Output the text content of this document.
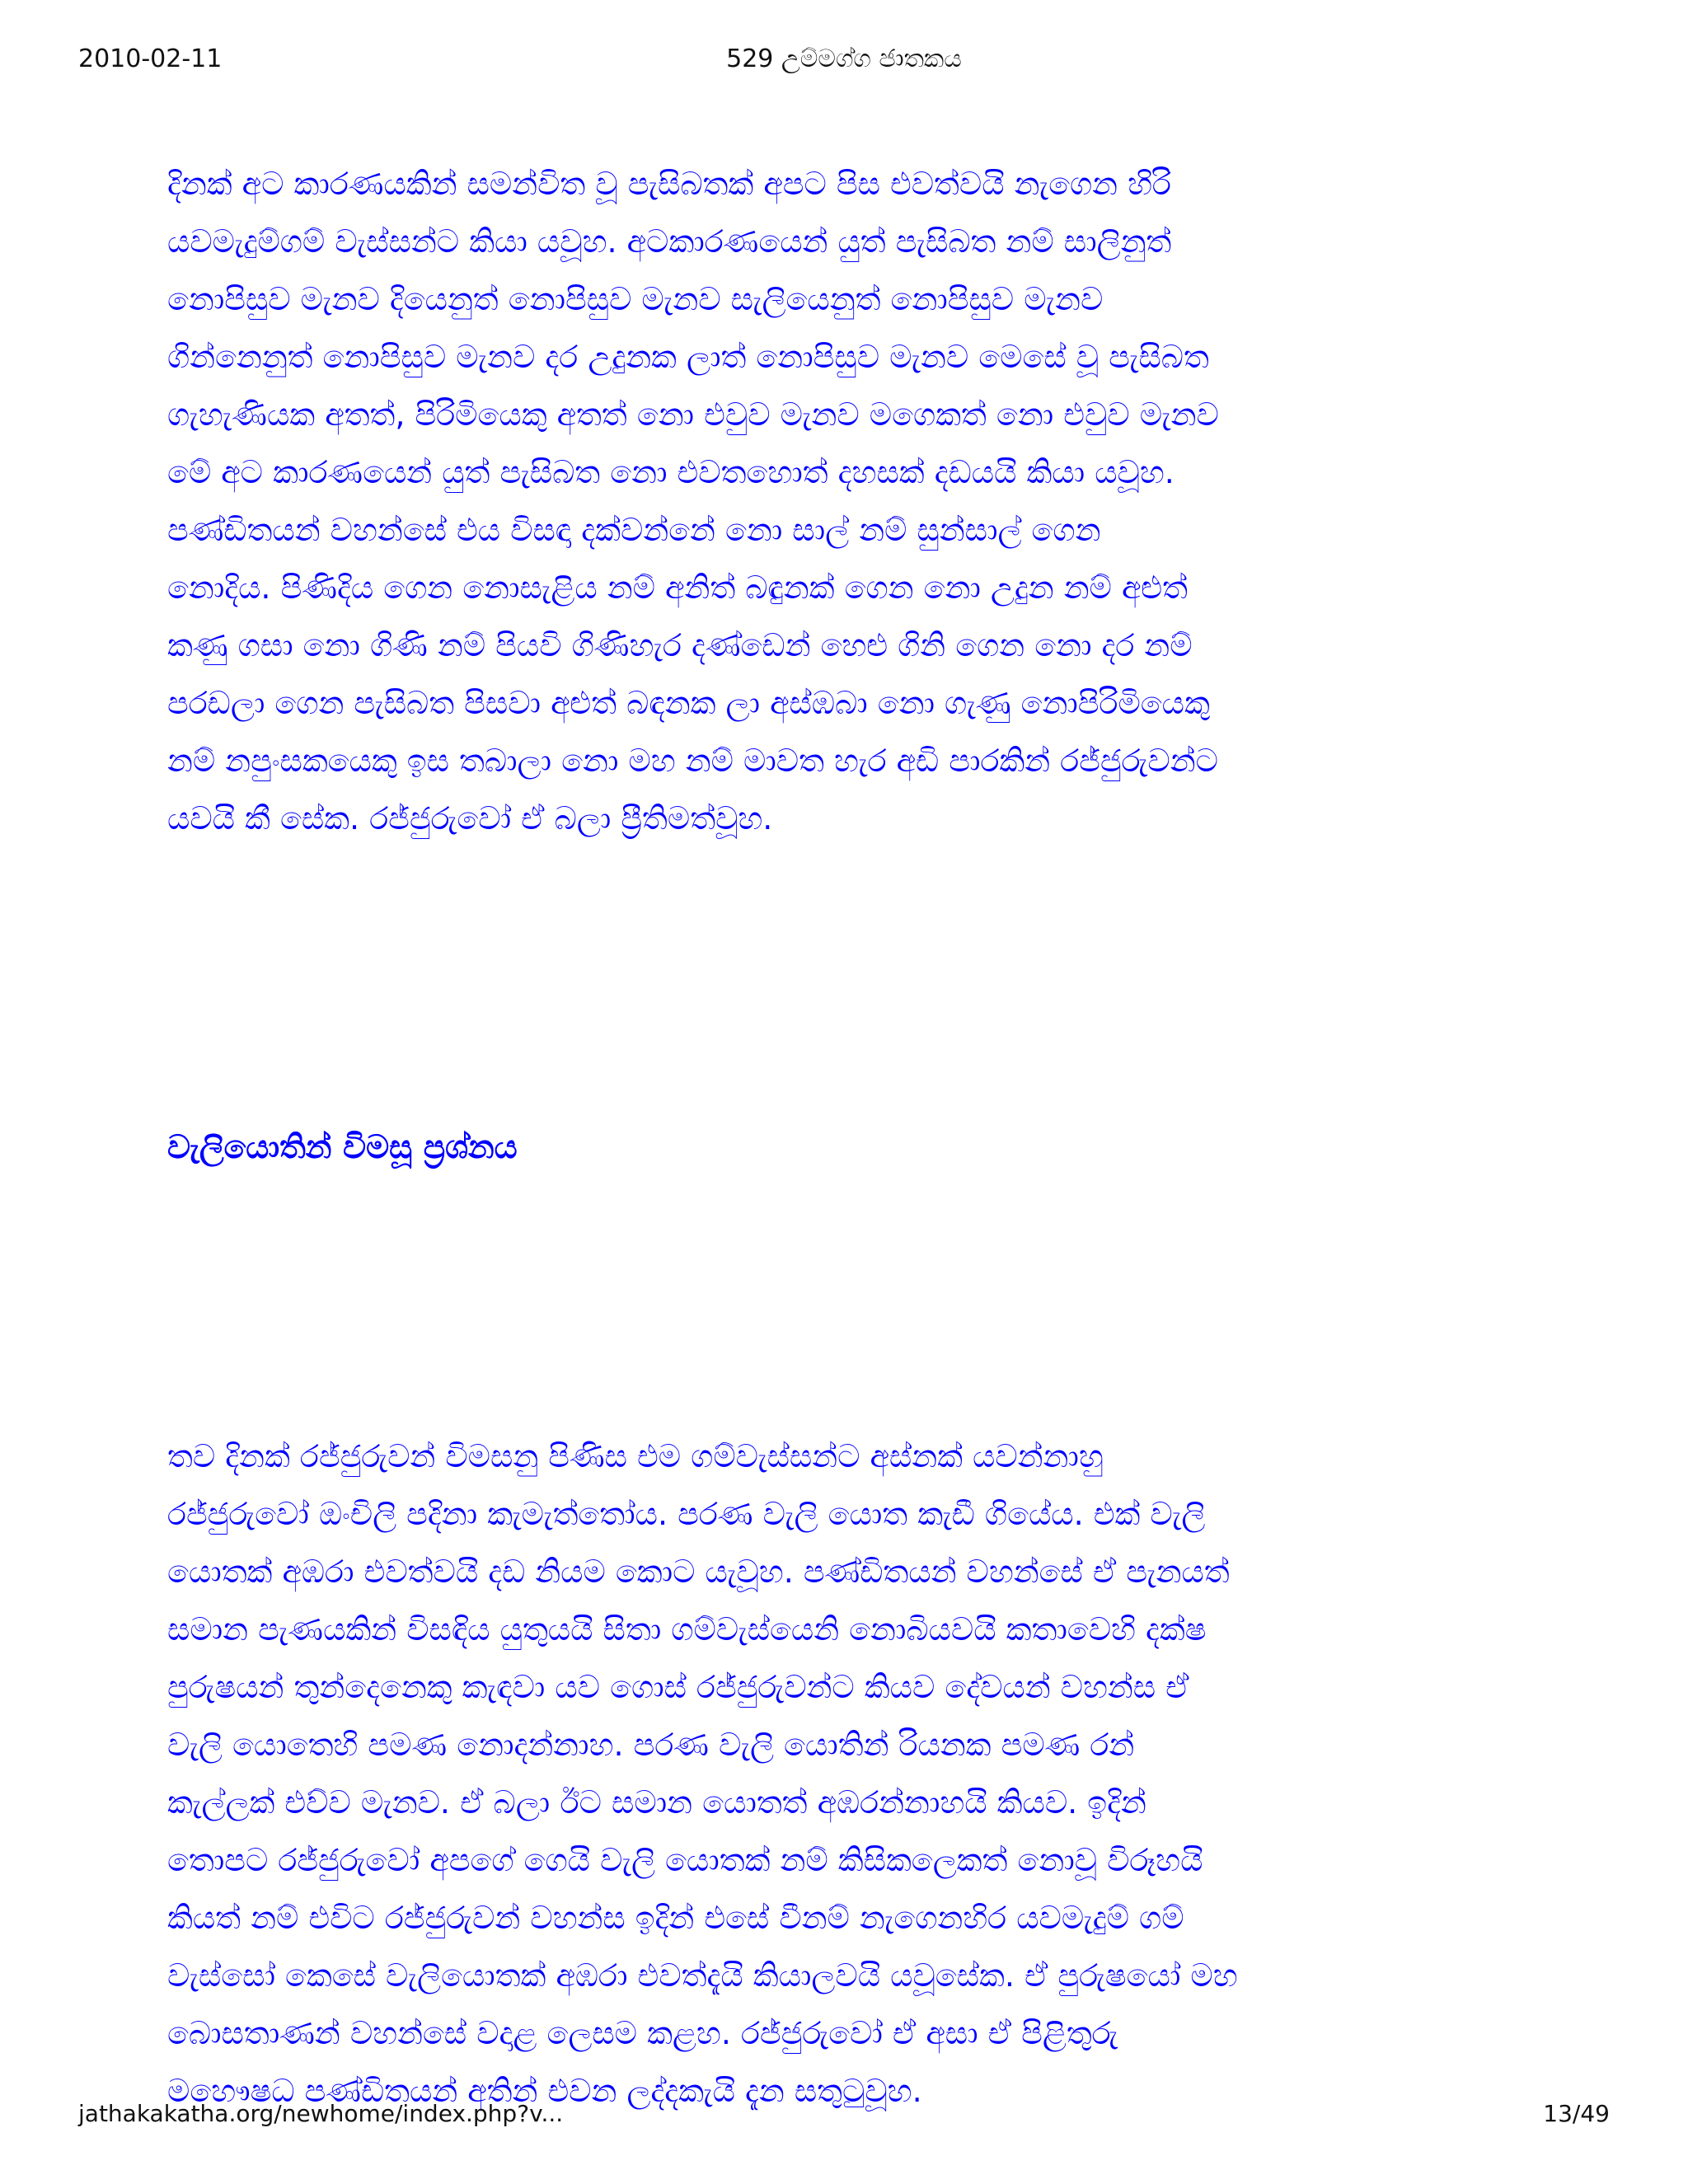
2010-02-11	529 උම්මග්ග ජාතකය
දිනක් අට කාරණයකින් සමන්විත වූ පැසිබතක් අපට පිස එවත්වයි නැගෙන හිරි
යවමැදුම්ගම් වැස්සන්ට කියා යවූහ. අටකාරණයෙන් යුත් පැසිබත නම් සාලිනුත්
නොපිසුව මැනව දියෙනුත් නොපිසුව මැනව සැලියෙනුත් නොපිසුව මැනව
ගින්නෙනුත් නොපිසුව මැනව දර උදුනක ලාත් නොපිසුව මැනව මෙසේ වූ පැසිබත
ගැහැණියක අතත්, පිරිමියෙකු අතත් නො එවුව මැනව මගෙකත් නො එවුව මැනව
මේ අට කාරණයෙන් යුත් පැසිබත නො එවතහොත් දහසක් දඩයයි කියා යවූහ.
පණ්ඩිතයන් වහන්සේ එය විසඳා දක්වන්නේ නො සාල් නම් සුන්සාල් ගෙන
නොදිය. පිණිදිය ගෙන නොසැළිය නම් අනිත් බඳුනක් ගෙන නො උදුන නම් අළුත්
කණු ගසා නො ගිණි නම් පියවි ගිණිහැර දණ්ඩෙන් හෙළු ගිනි ගෙන නො දර නම්
පරඩලා ගෙන පැසිබත පිසවා අළුත් බඳනක ලා අස්ඹබා නො ගැණු නොපිරිමියෙකු
නම් නපුංසකයෙකු ඉස තබාලා නො මහ නම් මාවත හැර අඩි පාරකින් රජ්ජුරුවන්ට
යවයි කී සේක. රජ්ජුරුවෝ ඒ බලා ප්‍රීතිමත්වූහ.
වැලියොතින් විමසූ ප්‍රශ්නය
තව දිනක් රජ්ජුරුවන් විමසනු පිණිස එම ගම්වැස්සන්ට අස්නක් යවන්නාහු
රජ්ජුරුවෝ ඔංචිලි පදිනා කැමැත්තෝය. පරණ වැලි යොත කැඩී ගියේය. එක් වැලි
යොතක් අඹරා එවත්වයි දඩ නියම කොට යැවූහ. පණ්ඩිතයන් වහන්සේ ඒ පැනයත්
සමාන පැණයකින් විසඳිය යුතුයයි සිතා ගම්වැස්යෙනි නොබියවයි කතාවෙහි දක්ෂ
පුරුෂයන් තුන්දෙනෙකු කැඳවා යව ගොස් රජ්ජුරුවන්ට කියව දේවයන් වහන්ස ඒ
වැලි යොතෙහි පමණ නොදන්නාහ. පරණ වැලි යොතින් රියනක පමණ රන්
කැල්ලක් එව්ව මැනව. ඒ බලා ඊට සමාන යොතත් අඹරන්නාහයි කියව. ඉදින්
තොපට රජ්ජුරුවෝ අපගේ ගෙයි වැලි යොතක් නම් කිසිකලෙකත් නොවූ විරූහයි
කියත් නම් එවිට රජ්ජුරුවන් වහන්ස ඉදින් එසේ වීනම් නැගෙනහිර යවමැදුම් ගම්
වැස්සෝ කෙසේ වැලියොතක් අඹරා එවත්දැයි කියාලවයි යවූසේක. ඒ පුරුෂයෝ මහ
බොසතාණන් වහන්සේ වදාළ ලෙසම කළහ. රජ්ජුරුවෝ ඒ අසා ඒ පිළිතුරු
මහෞෂධ පණ්ඩිතයන් අතින් එවන ලද්දකැයි දැන සතුටුවූහ.
jathakakatha.org/newhome/index.php?v...	13/49
